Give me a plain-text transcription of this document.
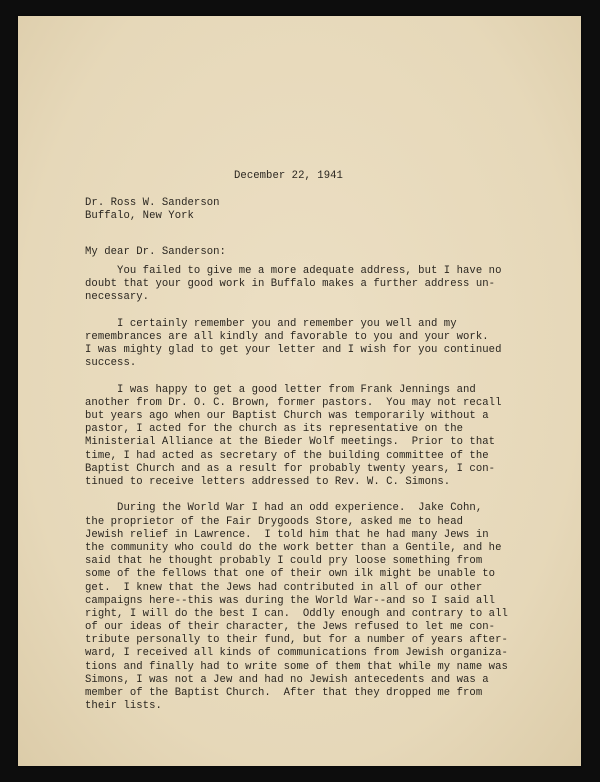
December 22, 1941
Dr. Ross W. Sanderson
Buffalo, New York
My dear Dr. Sanderson:
You failed to give me a more adequate address, but I have no
doubt that your good work in Buffalo makes a further address un-
necessary.
I certainly remember you and remember you well and my
remembrances are all kindly and favorable to you and your work.
I was mighty glad to get your letter and I wish for you continued
success.
I was happy to get a good letter from Frank Jennings and
another from Dr. O. C. Brown, former pastors.  You may not recall
but years ago when our Baptist Church was temporarily without a
pastor, I acted for the church as its representative on the
Ministerial Alliance at the Bieder Wolf meetings.  Prior to that
time, I had acted as secretary of the building committee of the
Baptist Church and as a result for probably twenty years, I con-
tinued to receive letters addressed to Rev. W. C. Simons.
During the World War I had an odd experience.  Jake Cohn,
the proprietor of the Fair Drygoods Store, asked me to head
Jewish relief in Lawrence.  I told him that he had many Jews in
the community who could do the work better than a Gentile, and he
said that he thought probably I could pry loose something from
some of the fellows that one of their own ilk might be unable to
get.  I knew that the Jews had contributed in all of our other
campaigns here--this was during the World War--and so I said all
right, I will do the best I can.  Oddly enough and contrary to all
of our ideas of their character, the Jews refused to let me con-
tribute personally to their fund, but for a number of years after-
ward, I received all kinds of communications from Jewish organiza-
tions and finally had to write some of them that while my name was
Simons, I was not a Jew and had no Jewish antecedents and was a
member of the Baptist Church.  After that they dropped me from
their lists.
